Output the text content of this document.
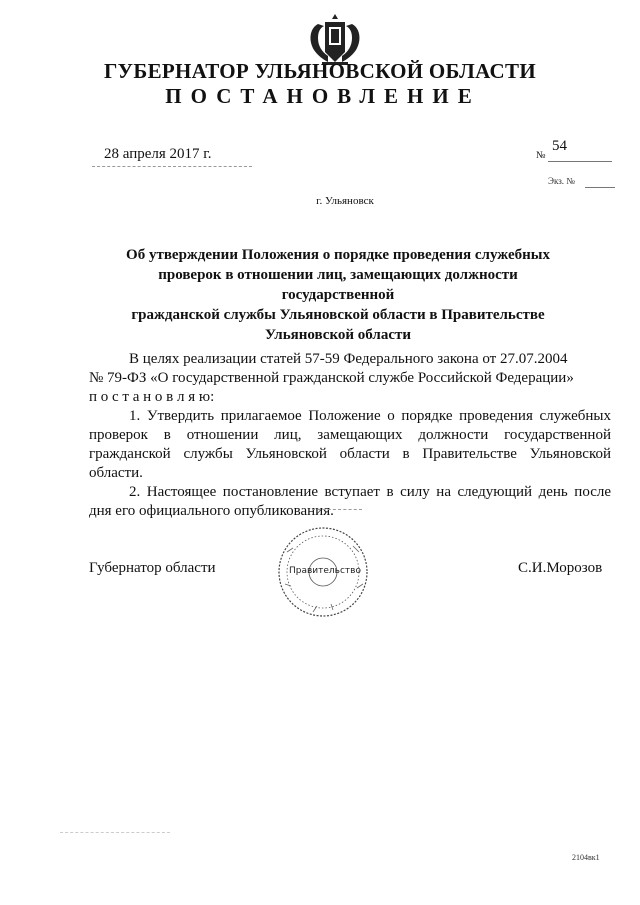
ГУБЕРНАТОР УЛЬЯНОВСКОЙ ОБЛАСТИ
ПОСТАНОВЛЕНИЕ
28 апреля 2017 г.	№
54
Экз. №
г. Ульяновск
Об утверждении Положения о порядке проведения служебных
проверок в отношении лиц, замещающих должности государственной
гражданской службы Ульяновской области в Правительстве
Ульяновской области

В целях реализации статей 57-59 Федерального закона от 27.07.2004

№ 79-ФЗ «О государственной гражданской службе Российской Федерации»

п о с т а н о в л я ю:

1. Утвердить прилагаемое Положение о порядке проведения служебных проверок в отношении лиц, замещающих должности государственной гражданской службы Ульяновской области в Правительстве Ульяновской области.

2. Настоящее постановление вступает в силу на следующий день после дня его официального опубликования.

Губернатор области	Правительство	С.И.Морозов
2104вк1
